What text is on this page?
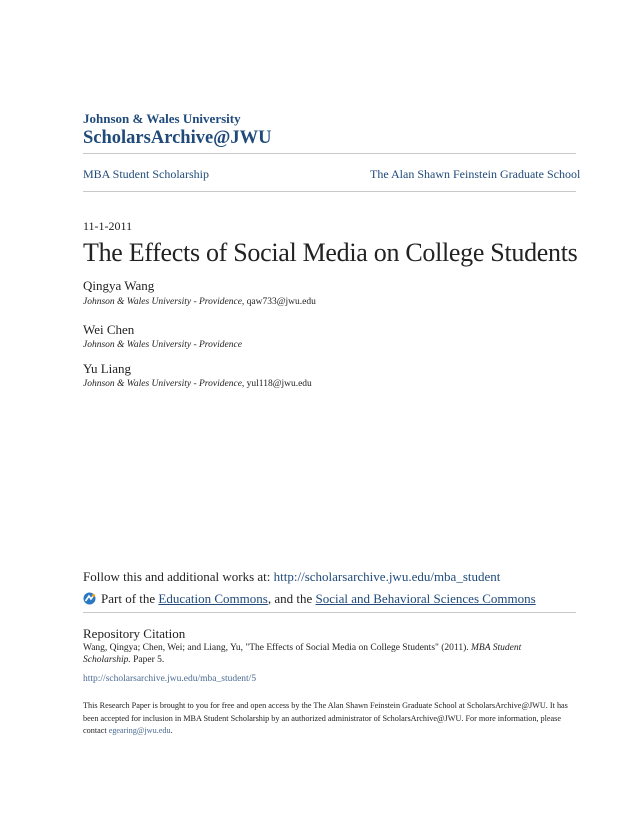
Johnson & Wales University
ScholarsArchive@JWU
MBA Student Scholarship	The Alan Shawn Feinstein Graduate School
11-1-2011
The Effects of Social Media on College Students
Qingya Wang
Johnson & Wales University - Providence, qaw733@jwu.edu
Wei Chen
Johnson & Wales University - Providence
Yu Liang
Johnson & Wales University - Providence, yul118@jwu.edu
Follow this and additional works at: http://scholarsarchive.jwu.edu/mba_student
Part of the Education Commons, and the Social and Behavioral Sciences Commons
Repository Citation
Wang, Qingya; Chen, Wei; and Liang, Yu, "The Effects of Social Media on College Students" (2011). MBA Student Scholarship. Paper 5.
http://scholarsarchive.jwu.edu/mba_student/5
This Research Paper is brought to you for free and open access by the The Alan Shawn Feinstein Graduate School at ScholarsArchive@JWU. It has been accepted for inclusion in MBA Student Scholarship by an authorized administrator of ScholarsArchive@JWU. For more information, please contact egearing@jwu.edu.
